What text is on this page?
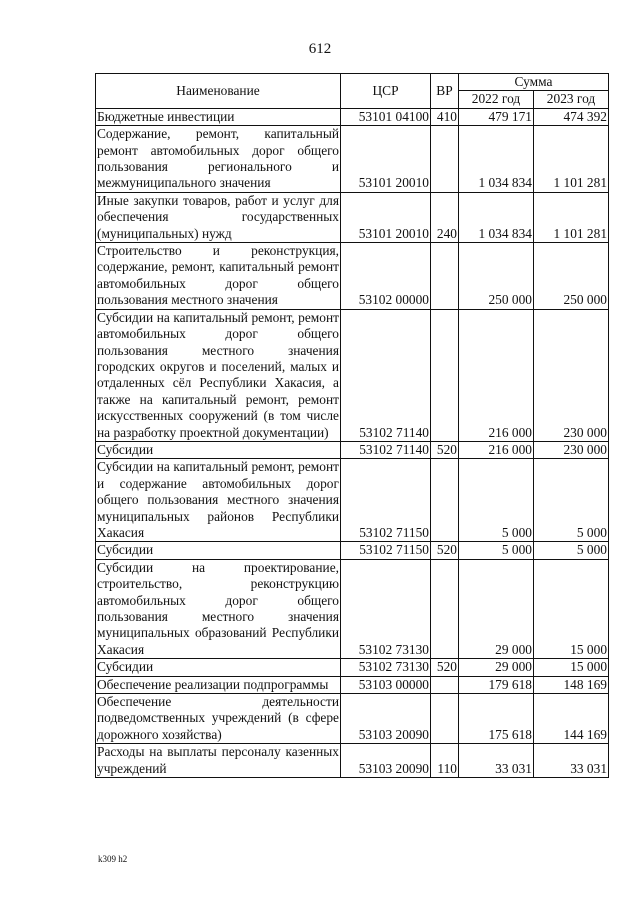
612
Наименование	ЦСР	ВР	Сумма	
			2022 год	2023 год
Бюджетные инвестиции	53101 04100	410	479 171	474 392
Содержание, ремонт, капитальный ремонт автомобильных дорог общего пользования регионального и межмуниципального значения	53101 20010		1 034 834	1 101 281
Иные закупки товаров, работ и услуг для обеспечения государственных (муниципальных) нужд	53101 20010	240	1 034 834	1 101 281
Строительство и реконструкция, содержание, ремонт, капитальный ремонт автомобильных дорог общего пользования местного значения	53102 00000		250 000	250 000
Субсидии на капитальный ремонт, ремонт автомобильных дорог общего пользования местного значения городских округов и поселений, малых и отдаленных сёл Республики Хакасия, а также на капитальный ремонт, ремонт искусственных сооружений (в том числе на разработку проектной документации)	53102 71140		216 000	230 000
Субсидии	53102 71140	520	216 000	230 000
Субсидии на капитальный ремонт, ремонт и содержание автомобильных дорог общего пользования местного значения муниципальных районов Республики Хакасия	53102 71150		5 000	5 000
Субсидии	53102 71150	520	5 000	5 000
Субсидии на проектирование, строительство, реконструкцию автомобильных дорог общего пользования местного значения муниципальных образований Республики Хакасия	53102 73130		29 000	15 000
Субсидии	53102 73130	520	29 000	15 000
Обеспечение реализации подпрограммы	53103 00000		179 618	148 169
Обеспечение деятельности подведомственных учреждений (в сфере дорожного хозяйства)	53103 20090		175 618	144 169
Расходы на выплаты персоналу казенных учреждений	53103 20090	110	33 031	33 031
k309 h2
